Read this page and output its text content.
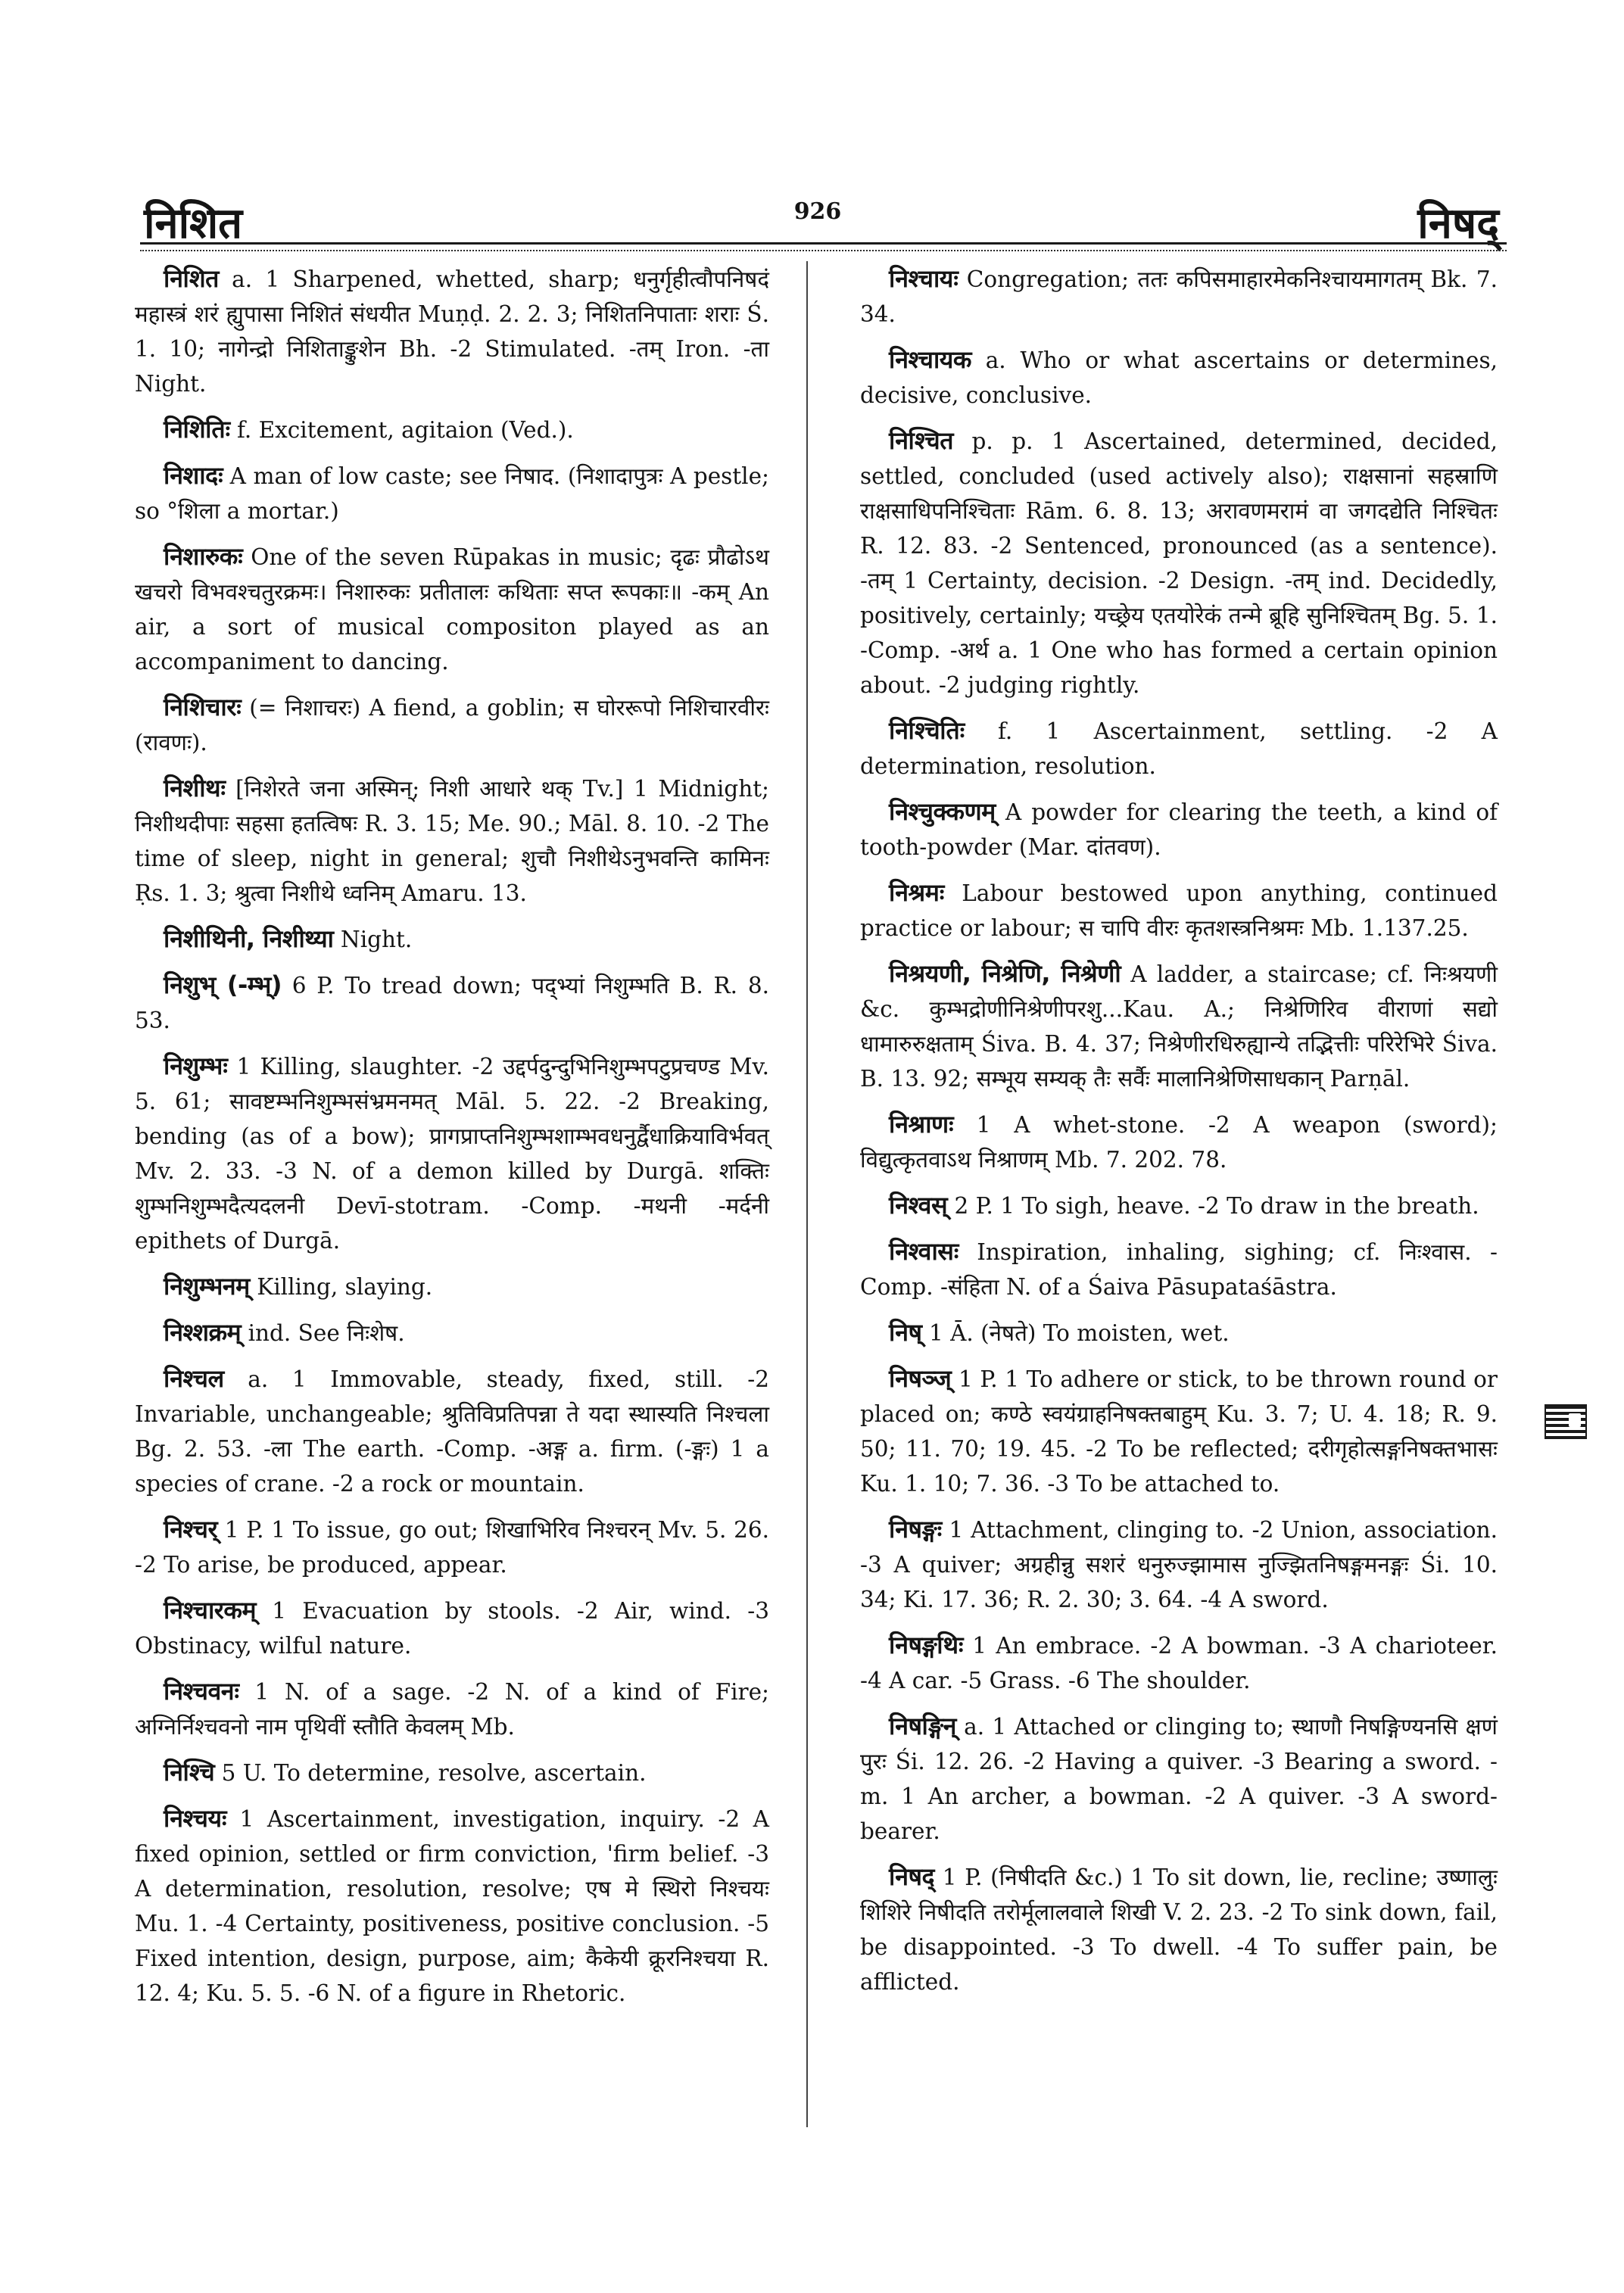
निशित	926	निषद्

निशित a. 1 Sharpened, whetted, sharp; धनुर्गृहीत्वौपनिषदं महास्त्रं शरं ह्युपासा निशितं संधयीत Muṇḍ. 2. 2. 3; निशितनिपाताः शराः Ś. 1. 10; नागेन्द्रो निशिताङ्कुशेन Bh. -2 Stimulated. -तम् Iron. -ता Night.

निशितिः f. Excitement, agitaion (Ved.).

निशादः A man of low caste; see निषाद. (निशादापुत्रः A pestle; so °शिला a mortar.)

निशारुकः One of the seven Rūpakas in music; दृढः प्रौढोऽथ खचरो विभवश्चतुरक्रमः। निशारुकः प्रतीतालः कथिताः सप्त रूपकाः॥ -कम् An air, a sort of musical compositon played as an accompaniment to dancing.

निशिचारः (= निशाचरः) A fiend, a goblin; स घोररूपो निशिचारवीरः (रावणः).

निशीथः [निशेरते जना अस्मिन्; निशी आधारे थक् Tv.] 1 Midnight; निशीथदीपाः सहसा हतत्विषः R. 3. 15; Me. 90.; Māl. 8. 10. -2 The time of sleep, night in general; शुचौ निशीथेऽनुभवन्ति कामिनः Ṛs. 1. 3; श्रुत्वा निशीथे ध्वनिम् Amaru. 13.

निशीथिनी, निशीथ्या Night.

निशुभ् (-म्भ्) 6 P. To tread down; पद्भ्यां निशुम्भति B. R. 8. 53.

निशुम्भः 1 Killing, slaughter. -2 उद्दर्पदुन्दुभिनिशुम्भपटुप्रचण्ड Mv. 5. 61; सावष्टम्भनिशुम्भसंभ्रमनमत् Māl. 5. 22. -2 Breaking, bending (as of a bow); प्रागप्राप्तनिशुम्भशाम्भवधनुर्द्वैधाक्रियाविर्भवत् Mv. 2. 33. -3 N. of a demon killed by Durgā. शक्तिः शुम्भनिशुम्भदैत्यदलनी Devī-stotram. -Comp. -मथनी -मर्दनी epithets of Durgā.

निशुम्भनम् Killing, slaying.

निश्शक्रम् ind. See निःशेष.

निश्चल a. 1 Immovable, steady, fixed, still. -2 Invariable, unchangeable; श्रुतिविप्रतिपन्ना ते यदा स्थास्यति निश्चला Bg. 2. 53. -ला The earth. -Comp. -अङ्ग a. firm. (-ङ्गः) 1 a species of crane. -2 a rock or mountain.

निश्चर् 1 P. 1 To issue, go out; शिखाभिरिव निश्चरन् Mv. 5. 26. -2 To arise, be produced, appear.

निश्चारकम् 1 Evacuation by stools. -2 Air, wind. -3 Obstinacy, wilful nature.

निश्चवनः 1 N. of a sage. -2 N. of a kind of Fire; अग्निर्निश्चवनो नाम पृथिवीं स्तौति केवलम् Mb.

निश्चि 5 U. To determine, resolve, ascertain.

निश्चयः 1 Ascertainment, investigation, inquiry. -2 A fixed opinion, settled or firm conviction, 'firm belief. -3 A determination, resolution, resolve; एष मे स्थिरो निश्चयः Mu. 1. -4 Certainty, positiveness, positive conclusion. -5 Fixed intention, design, purpose, aim; कैकेयी क्रूरनिश्चया R. 12. 4; Ku. 5. 5. -6 N. of a figure in Rhetoric.

निश्चायः Congregation; ततः कपिसमाहारमेकनिश्चायमागतम् Bk. 7. 34.

निश्चायक a. Who or what ascertains or determines, decisive, conclusive.

निश्चित p. p. 1 Ascertained, determined, decided, settled, concluded (used actively also); राक्षसानां सहस्राणि राक्षसाधिपनिश्चिताः Rām. 6. 8. 13; अरावणमरामं वा जगदद्येति निश्चितः R. 12. 83. -2 Sentenced, pronounced (as a sentence). -तम् 1 Certainty, decision. -2 Design. -तम् ind. Decidedly, positively, certainly; यच्छ्रेय एतयोरेकं तन्मे ब्रूहि सुनिश्चितम् Bg. 5. 1. -Comp. -अर्थ a. 1 One who has formed a certain opinion about. -2 judging rightly.

निश्चितिः f. 1 Ascertainment, settling. -2 A determination, resolution.

निश्चुक्कणम् A powder for clearing the teeth, a kind of tooth-powder (Mar. दांतवण).

निश्रमः Labour bestowed upon anything, continued practice or labour; स चापि वीरः कृतशस्त्रनिश्रमः Mb. 1.137.25.

निश्रयणी, निश्रेणि, निश्रेणी A ladder, a staircase; cf. निःश्रयणी &c. कुम्भद्रोणीनिश्रेणीपरशु...Kau. A.; निश्रेणिरिव वीराणां सद्यो धामारुरुक्षताम् Śiva. B. 4. 37; निश्रेणीरधिरुह्यान्ये तद्भित्तीः परिरेभिरे Śiva. B. 13. 92; सम्भूय सम्यक् तैः सर्वैः मालानिश्रेणिसाधकान् Parṇāl.

निश्राणः 1 A whet-stone. -2 A weapon (sword); विद्युत्कृतवाऽथ निश्राणम् Mb. 7. 202. 78.

निश्वस् 2 P. 1 To sigh, heave. -2 To draw in the breath.

निश्वासः Inspiration, inhaling, sighing; cf. निःश्वास. -Comp. -संहिता N. of a Śaiva Pāsupataśāstra.

निष् 1 Ā. (नेषते) To moisten, wet.

निषञ्ज् 1 P. 1 To adhere or stick, to be thrown round or placed on; कण्ठे स्वयंग्राहनिषक्तबाहुम् Ku. 3. 7; U. 4. 18; R. 9. 50; 11. 70; 19. 45. -2 To be reflected; दरीगृहोत्सङ्गनिषक्तभासः Ku. 1. 10; 7. 36. -3 To be attached to.

निषङ्गः 1 Attachment, clinging to. -2 Union, association. -3 A quiver; अग्रहीन्नु सशरं धनुरुज्झामास नुज्झितनिषङ्गमनङ्गः Śi. 10. 34; Ki. 17. 36; R. 2. 30; 3. 64. -4 A sword.

निषङ्गथिः 1 An embrace. -2 A bowman. -3 A charioteer. -4 A car. -5 Grass. -6 The shoulder.

निषङ्गिन् a. 1 Attached or clinging to; स्थाणौ निषङ्गिण्यनसि क्षणं पुरः Śi. 12. 26. -2 Having a quiver. -3 Bearing a sword. -m. 1 An archer, a bowman. -2 A quiver. -3 A sword-bearer.

निषद् 1 P. (निषीदति &c.) 1 To sit down, lie, recline; उष्णालुः शिशिरे निषीदति तरोर्मूलालवाले शिखी V. 2. 23. -2 To sink down, fail, be disappointed. -3 To dwell. -4 To suffer pain, be afflicted.
